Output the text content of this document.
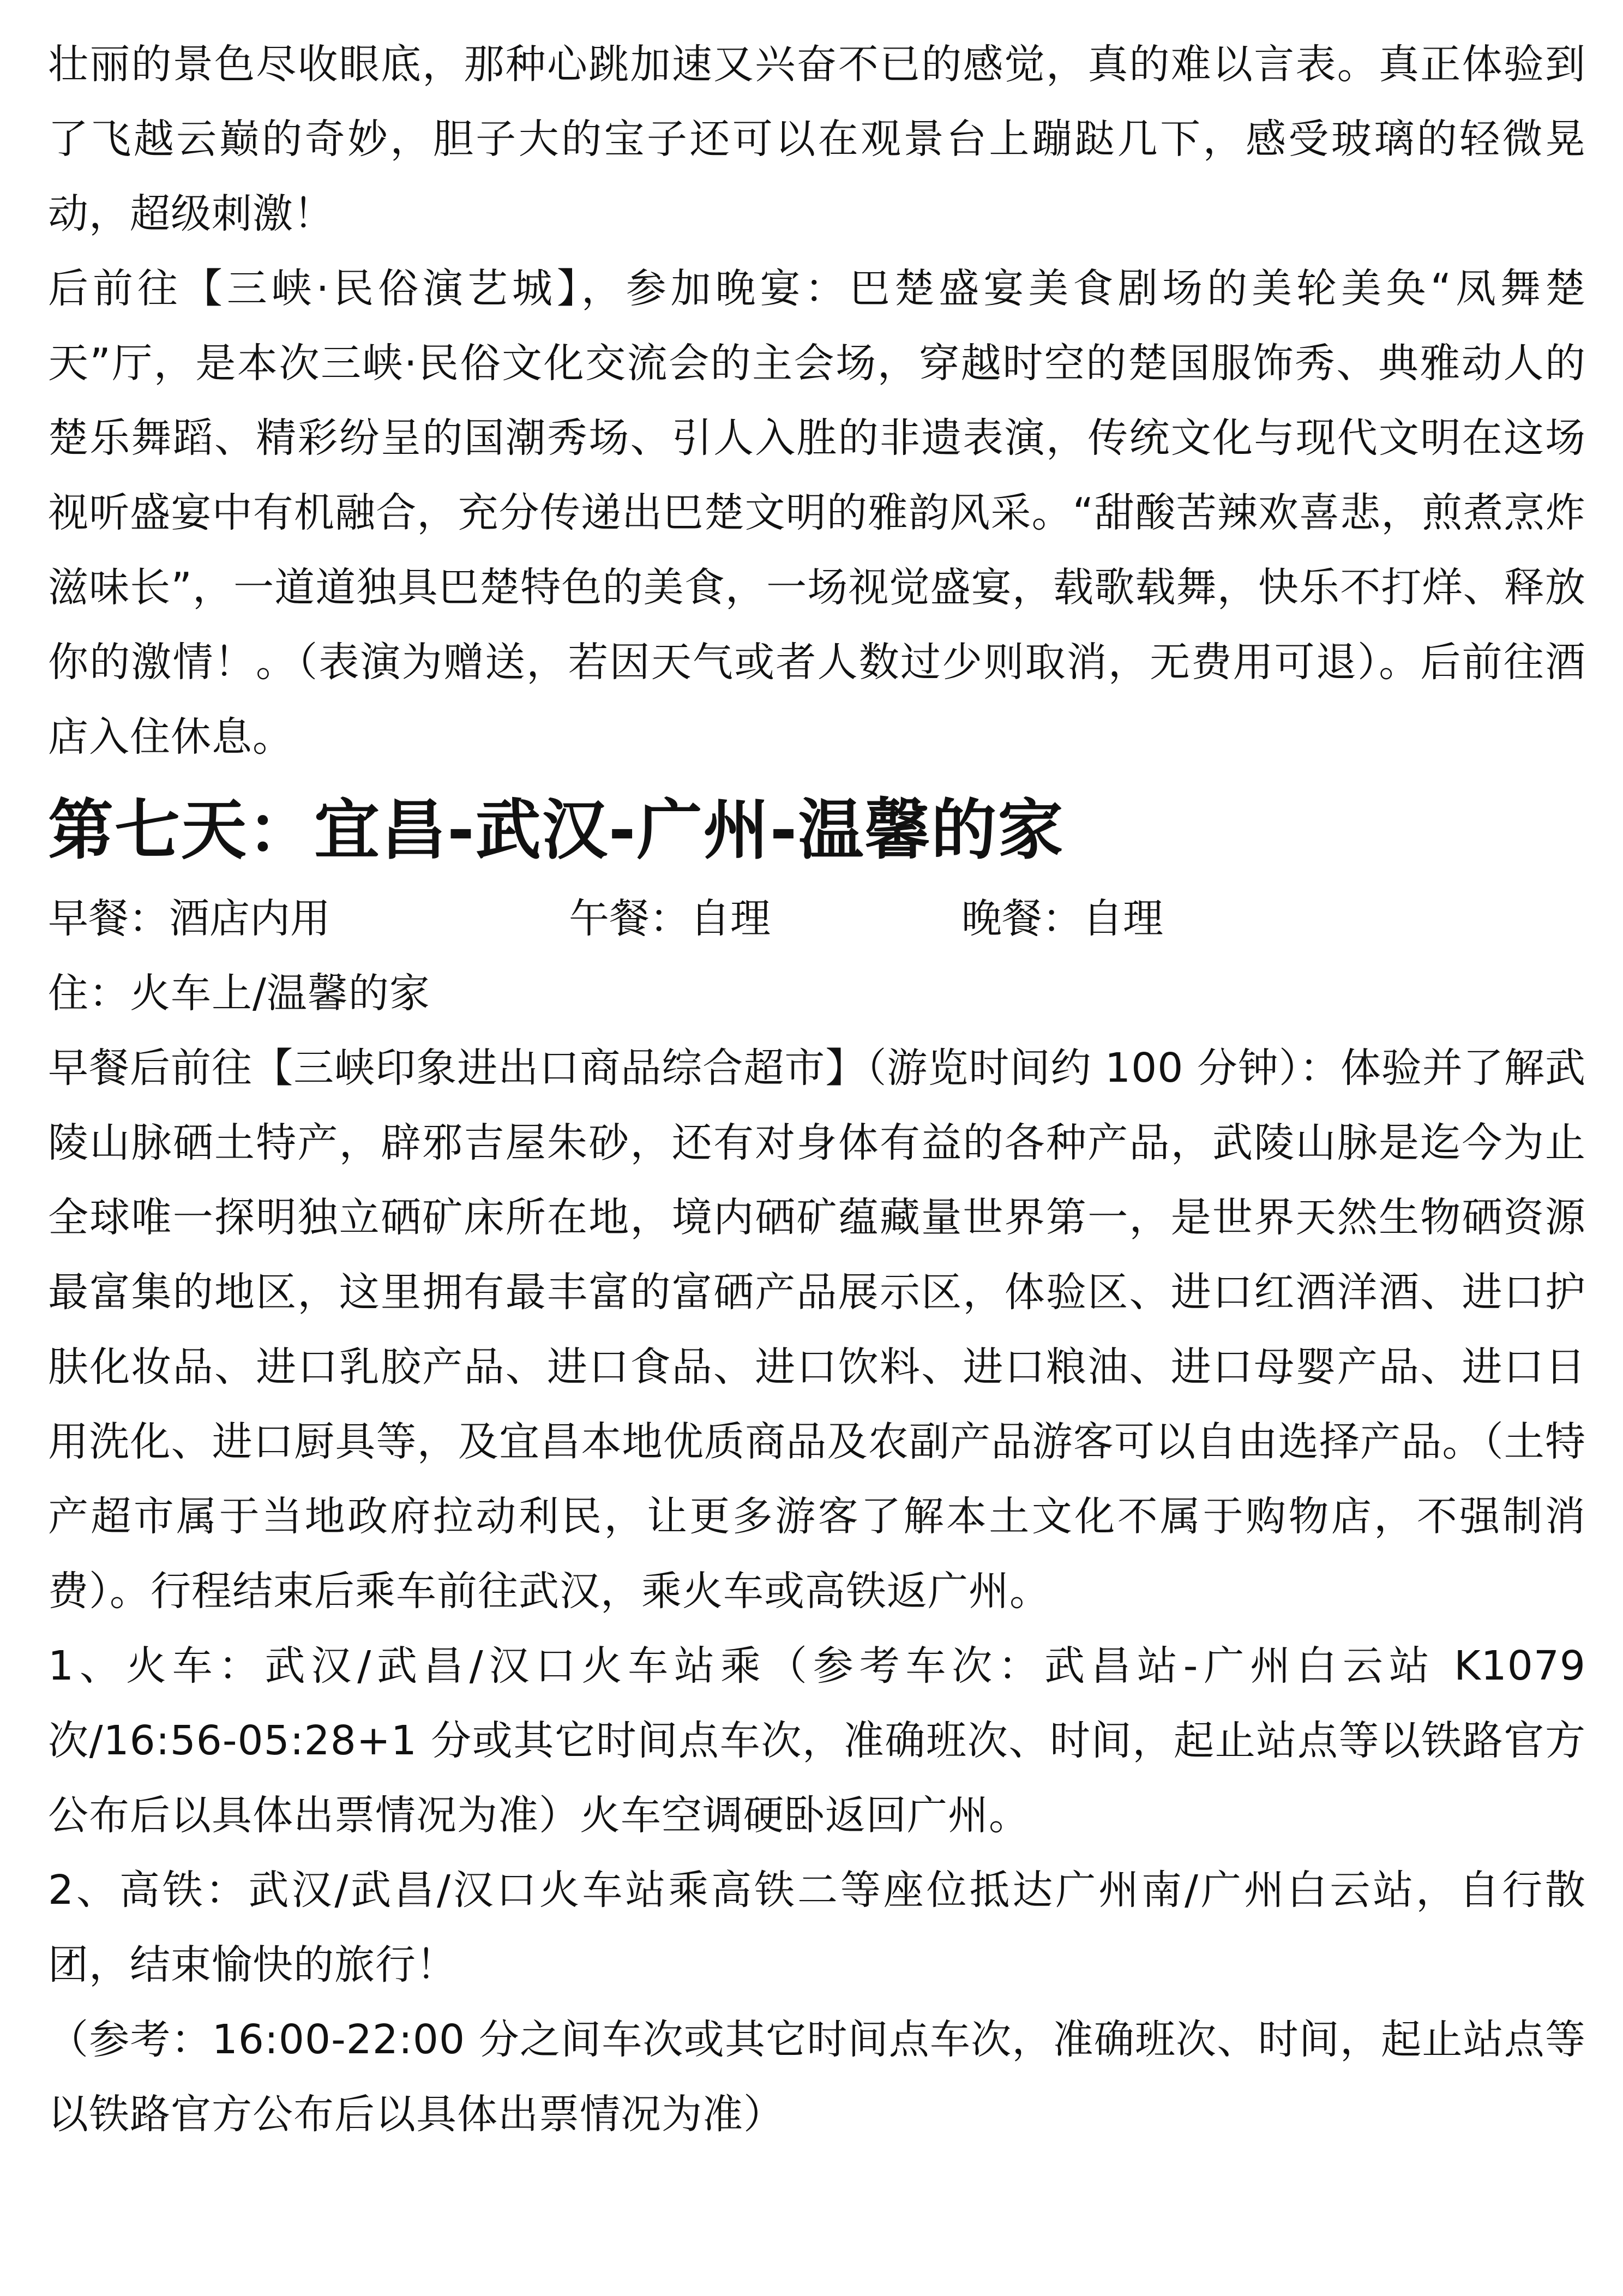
壮丽的景色尽收眼底，那种心跳加速又兴奋不已的感觉，真的难以言表。真正体验到了飞越云巅的奇妙，胆子大的宝子还可以在观景台上蹦跶几下，感受玻璃的轻微晃动，超级刺激！

后前往【三峡·民俗演艺城】，参加晚宴：巴楚盛宴美食剧场的美轮美奂“凤舞楚天”厅，是本次三峡·民俗文化交流会的主会场，穿越时空的楚国服饰秀、典雅动人的楚乐舞蹈、精彩纷呈的国潮秀场、引人入胜的非遗表演，传统文化与现代文明在这场视听盛宴中有机融合，充分传递出巴楚文明的雅韵风采。“甜酸苦辣欢喜悲，煎煮烹炸滋味长”，一道道独具巴楚特色的美食，一场视觉盛宴，载歌载舞，快乐不打烊、释放你的激情！。（表演为赠送，若因天气或者人数过少则取消，无费用可退）。后前往酒店入住休息。

第七天：宜昌-武汉-广州-温馨的家
早餐：酒店内用	午餐：自理	晚餐：自理

住：火车上/温馨的家

早餐后前往【三峡印象进出口商品综合超市】（游览时间约 100 分钟）：体验并了解武陵山脉硒土特产，辟邪吉屋朱砂，还有对身体有益的各种产品，武陵山脉是迄今为止全球唯一探明独立硒矿床所在地，境内硒矿蕴藏量世界第一，是世界天然生物硒资源最富集的地区，这里拥有最丰富的富硒产品展示区，体验区、进口红酒洋酒、进口护肤化妆品、进口乳胶产品、进口食品、进口饮料、进口粮油、进口母婴产品、进口日用洗化、进口厨具等，及宜昌本地优质商品及农副产品游客可以自由选择产品。（土特产超市属于当地政府拉动利民，让更多游客了解本土文化不属于购物店，不强制消费）。行程结束后乘车前往武汉，乘火车或高铁返广州。

1、火车：武汉/武昌/汉口火车站乘（参考车次：武昌站-广州白云站 K1079 次/16:56-05:28+1 分或其它时间点车次，准确班次、时间，起止站点等以铁路官方公布后以具体出票情况为准）火车空调硬卧返回广州。

2、高铁：武汉/武昌/汉口火车站乘高铁二等座位抵达广州南/广州白云站，自行散团，结束愉快的旅行！

（参考：16:00-22:00 分之间车次或其它时间点车次，准确班次、时间，起止站点等以铁路官方公布后以具体出票情况为准）
